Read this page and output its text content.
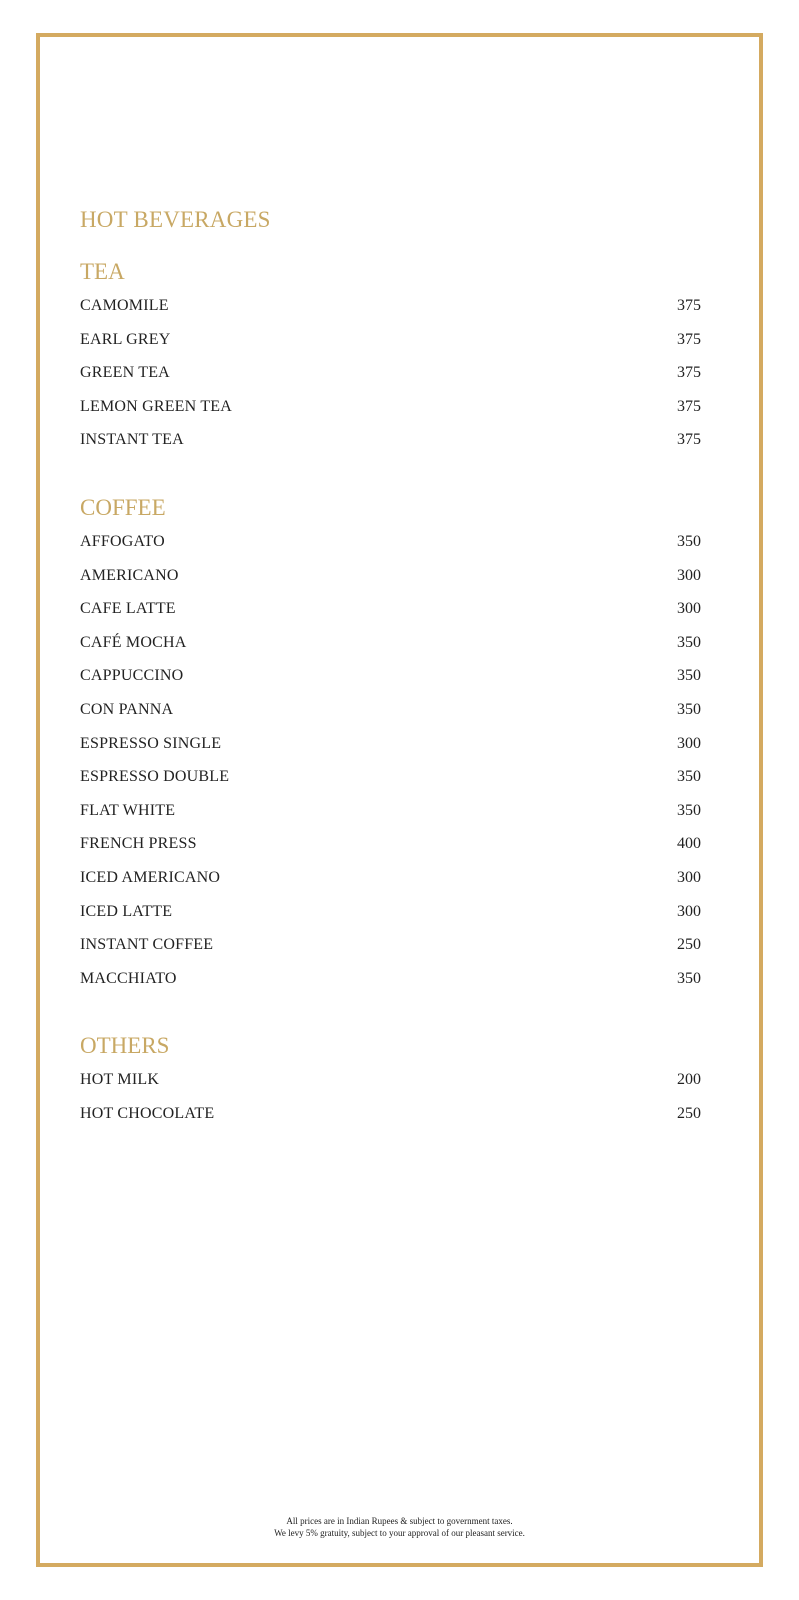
HOT BEVERAGES
TEA
CAMOMILE	375
EARL GREY	375
GREEN TEA	375
LEMON GREEN TEA	375
INSTANT TEA	375
COFFEE
AFFOGATO	350
AMERICANO	300
CAFE LATTE	300
CAFÉ MOCHA	350
CAPPUCCINO	350
CON PANNA	350
ESPRESSO SINGLE	300
ESPRESSO DOUBLE	350
FLAT WHITE	350
FRENCH PRESS	400
ICED AMERICANO	300
ICED LATTE	300
INSTANT COFFEE	250
MACCHIATO	350
OTHERS
HOT MILK	200
HOT CHOCOLATE	250
All prices are in Indian Rupees & subject to government taxes.
We levy 5% gratuity, subject to your approval of our pleasant service.
